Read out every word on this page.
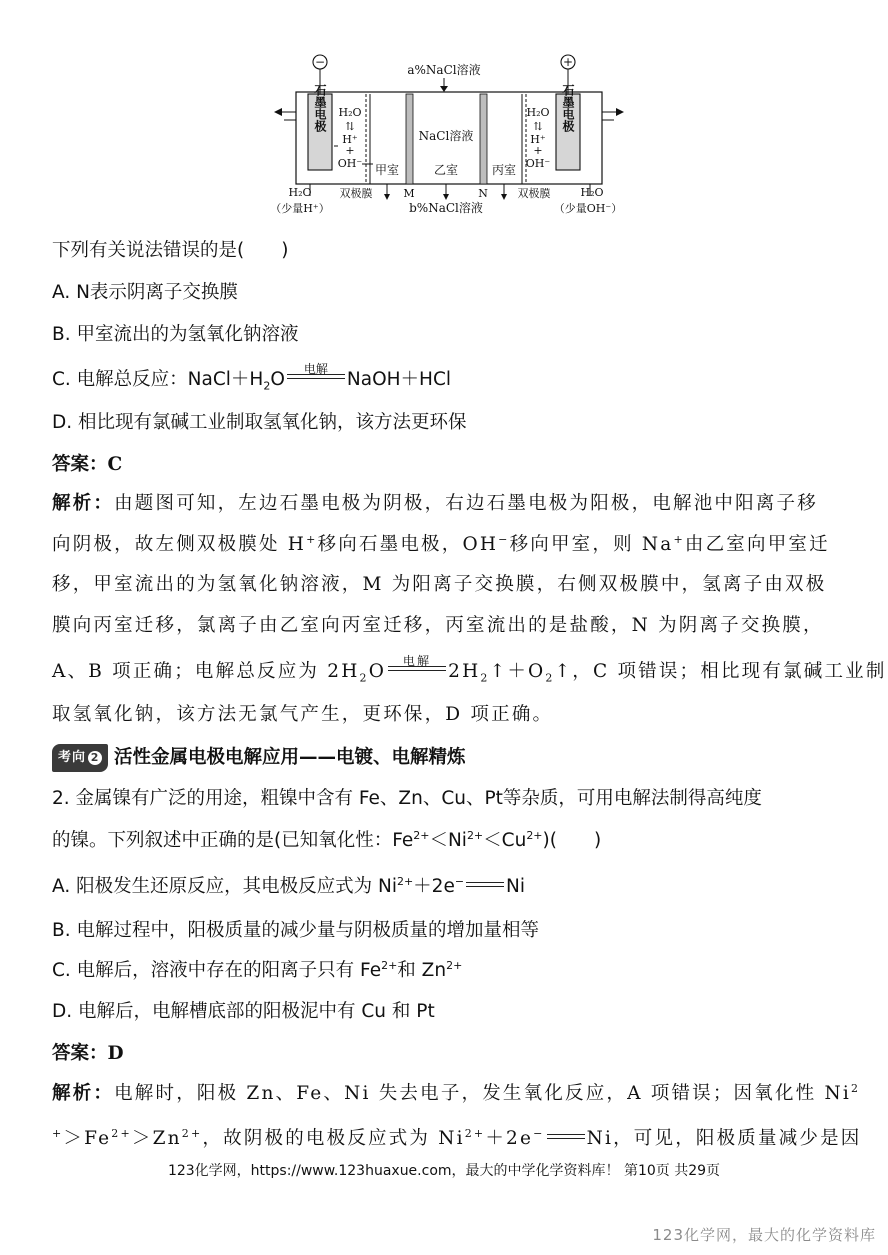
−	+
a%NaCl溶液
石墨电极	石墨电极
H₂O
⇅
H⁺
+
OH⁻
H₂O
⇅
H⁺
+
OH⁻
NaCl溶液
甲室	乙室	丙室
H₂O
（少量H⁺）
双极膜	M	N	双极膜
b%NaCl溶液
H₂O
（少量OH⁻）
下列有关说法错误的是(　　)
A. N表示阴离子交换膜
B. 甲室流出的为氢氧化钠溶液
C. 电解总反应：$NaCl+H_2O$	电解	NaOH＋HCl
D. 相比现有氯碱工业制取氢氧化钠，该方法更环保
答案：C
解析：由题图可知，左边石墨电极为阴极，右边石墨电极为阳极，电解池中阳离子移
向阴极，故左侧双极膜处 H+移向石墨电极，OH−移向甲室，则 Na+由乙室向甲室迁
移，甲室流出的为氢氧化钠溶液，M 为阳离子交换膜，右侧双极膜中，氢离子由双极
膜向丙室迁移，氯离子由乙室向丙室迁移，丙室流出的是盐酸，N 为阴离子交换膜，
A、B 项正确；电解总反应为 $2H_2O$	电解 $2H_2↑+O_2↑$，C 项错误；相比现有氯碱工业制
取氢氧化钠，该方法无氯气产生，更环保，D 项正确。
考向 2 活性金属电极电解应用——电镀、电解精炼
2. 金属镍有广泛的用途，粗镍中含有 Fe、Zn、Cu、Pt等杂质，可用电解法制得高纯度
的镍。下列叙述中正确的是(已知氧化性：$Fe^{2+}<Ni^{2+}<Cu^{2+}$)(　　)
A. 阳极发生还原反应，其电极反应式为 $Ni^{2+}+2e^-$ Ni
B. 电解过程中，阳极质量的减少量与阴极质量的增加量相等
C. 电解后，溶液中存在的阳离子只有 $Fe^{2+}$和 $Zn^{2+}$
D. 电解后，电解槽底部的阳极泥中有 Cu 和 Pt
答案：D
解析：电解时，阳极 Zn、Fe、Ni 失去电子，发生氧化反应，A 项错误；因氧化性 Ni$^2$
$^+>Fe^{2+}>Zn^{2+}$，故阴极的电极反应式为 $Ni^{2+}+2e^-$ Ni，可见，阳极质量减少是因
123化学网，https://www.123huaxue.com，最大的中学化学资料库！ 第10页 共29页
123化学网，最大的化学资料库
